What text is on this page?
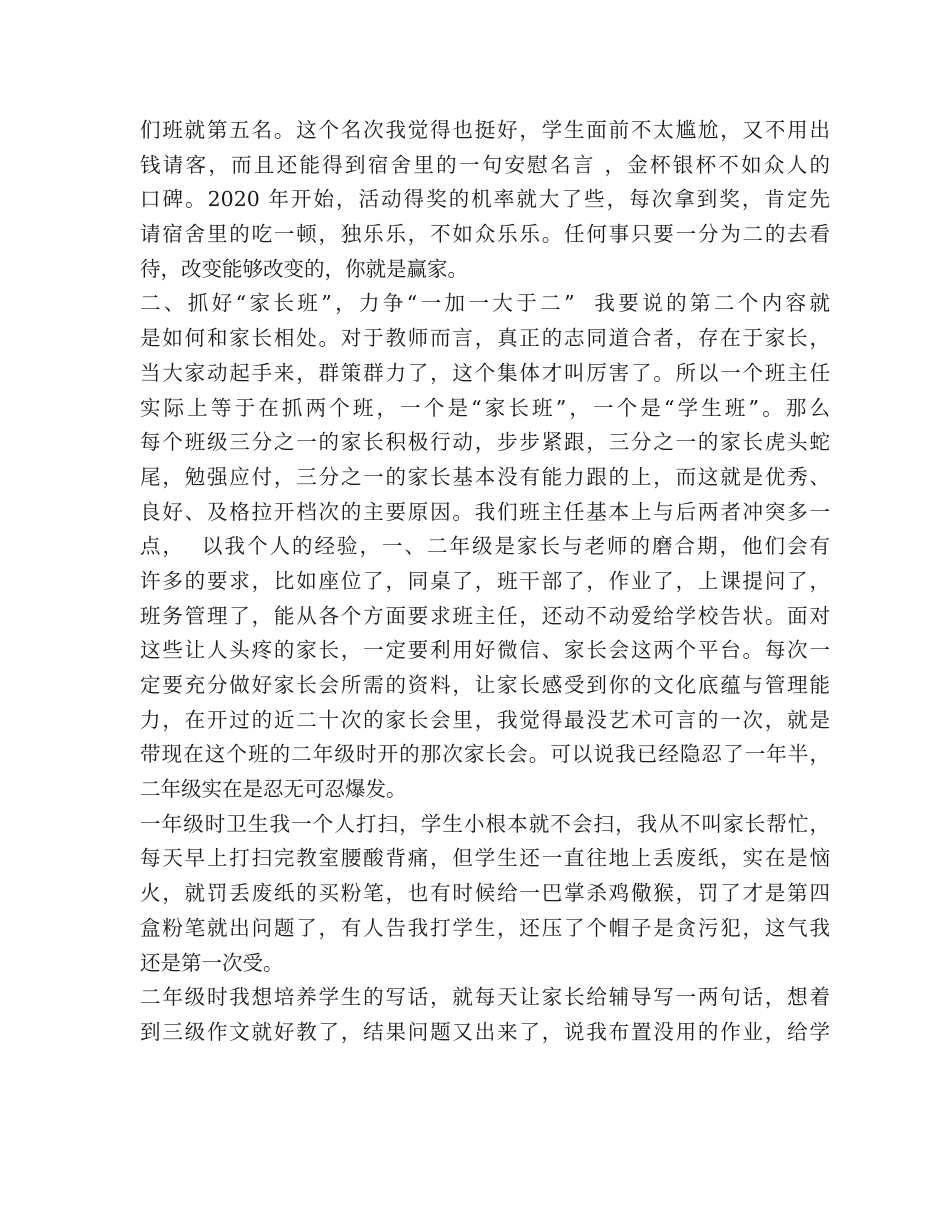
们班就第五名。这个名次我觉得也挺好，学生面前不太尴尬，又不用出
钱请客，而且还能得到宿舍里的一句安慰名言 ，金杯银杯不如众人的
口碑。2020 年开始，活动得奖的机率就大了些，每次拿到奖，肯定先
请宿舍里的吃一顿，独乐乐，不如众乐乐。任何事只要一分为二的去看
待，改变能够改变的，你就是赢家。
二、抓好“家长班”，力争“一加一大于二”  我要说的第二个内容就
是如何和家长相处。对于教师而言，真正的志同道合者，存在于家长，
当大家动起手来，群策群力了，这个集体才叫厉害了。所以一个班主任
实际上等于在抓两个班，一个是“家长班”，一个是“学生班”。那么
每个班级三分之一的家长积极行动，步步紧跟，三分之一的家长虎头蛇
尾，勉强应付，三分之一的家长基本没有能力跟的上，而这就是优秀、
良好、及格拉开档次的主要原因。我们班主任基本上与后两者冲突多一
点，  以我个人的经验，一、二年级是家长与老师的磨合期，他们会有
许多的要求，比如座位了，同桌了，班干部了，作业了，上课提问了，
班务管理了，能从各个方面要求班主任，还动不动爱给学校告状。面对
这些让人头疼的家长，一定要利用好微信、家长会这两个平台。每次一
定要充分做好家长会所需的资料，让家长感受到你的文化底蕴与管理能
力，在开过的近二十次的家长会里，我觉得最没艺术可言的一次，就是
带现在这个班的二年级时开的那次家长会。可以说我已经隐忍了一年半，
二年级实在是忍无可忍爆发。
一年级时卫生我一个人打扫，学生小根本就不会扫，我从不叫家长帮忙，
每天早上打扫完教室腰酸背痛，但学生还一直往地上丢废纸，实在是恼
火，就罚丢废纸的买粉笔，也有时候给一巴掌杀鸡儆猴，罚了才是第四
盒粉笔就出问题了，有人告我打学生，还压了个帽子是贪污犯，这气我
还是第一次受。
二年级时我想培养学生的写话，就每天让家长给辅导写一两句话，想着
到三级作文就好教了，结果问题又出来了，说我布置没用的作业，给学
